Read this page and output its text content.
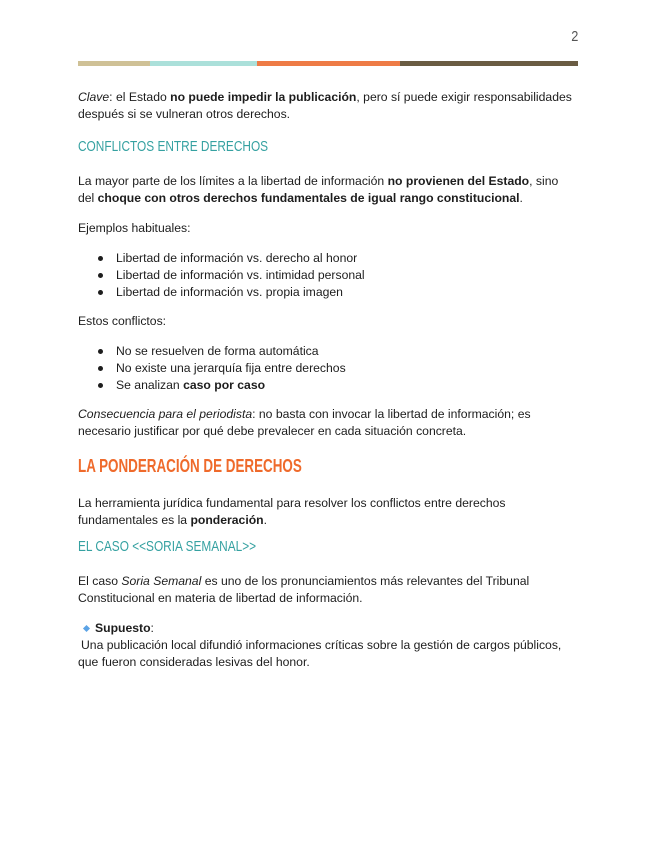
2

Clave: el Estado no puede impedir la publicación, pero sí puede exigir responsabilidades
después si se vulneran otros derechos.

CONFLICTOS ENTRE DERECHOS

La mayor parte de los límites a la libertad de información no provienen del Estado, sino
del choque con otros derechos fundamentales de igual rango constitucional.

Ejemplos habituales:

Libertad de información vs. derecho al honor
Libertad de información vs. intimidad personal
Libertad de información vs. propia imagen

Estos conflictos:

No se resuelven de forma automática
No existe una jerarquía fija entre derechos
Se analizan caso por caso

Consecuencia para el periodista: no basta con invocar la libertad de información; es
necesario justificar por qué debe prevalecer en cada situación concreta.

LA PONDERACIÓN DE DERECHOS

La herramienta jurídica fundamental para resolver los conflictos entre derechos
fundamentales es la ponderación.

EL CASO <<SORIA SEMANAL>>

El caso Soria Semanal es uno de los pronunciamientos más relevantes del Tribunal
Constitucional en materia de libertad de información.

Supuesto:
Una publicación local difundió informaciones críticas sobre la gestión de cargos públicos,
que fueron consideradas lesivas del honor.
